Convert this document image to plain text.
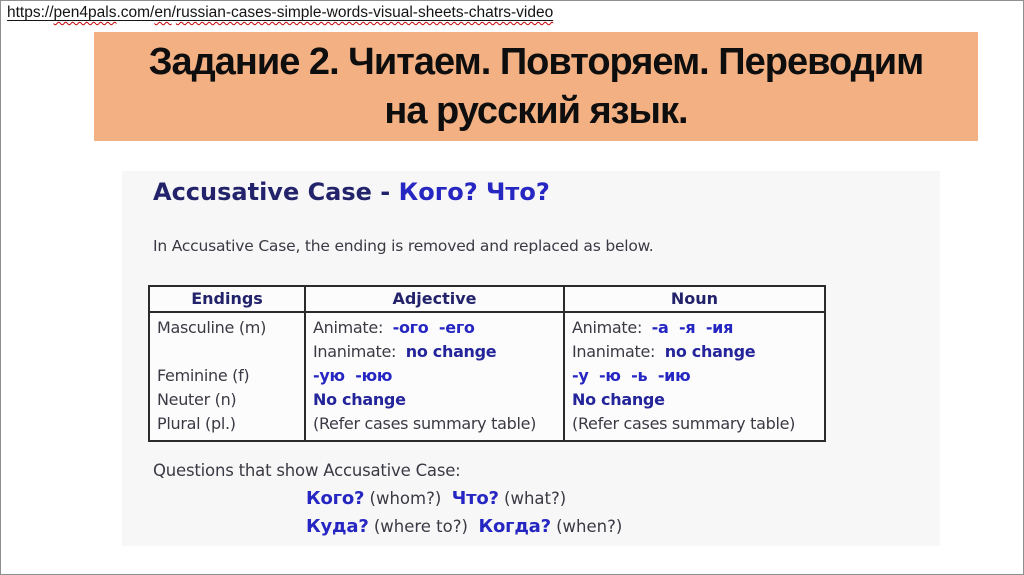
https://pen4pals.com/en/russian-cases-simple-words-visual-sheets-chatrs-video
Задание 2. Читаем. Повторяем. Переводим
на русский язык.
Accusative Case - Кого? Что?
In Accusative Case, the ending is removed and replaced as below.
Endings	Adjective	Noun
Masculine (m)

Feminine (f)
Neuter (n)
Plural (pl.)
Animate:  -ого  -его
Inanimate:  no change
-ую  -юю
No change
(Refer cases summary table)
Animate:  -а  -я  -ия
Inanimate:  no change
-у  -ю  -ь  -ию
No change
(Refer cases summary table)
Questions that show Accusative Case:
Кого? (whom?)  Что? (what?)
Куда? (where to?)  Когда? (when?)
